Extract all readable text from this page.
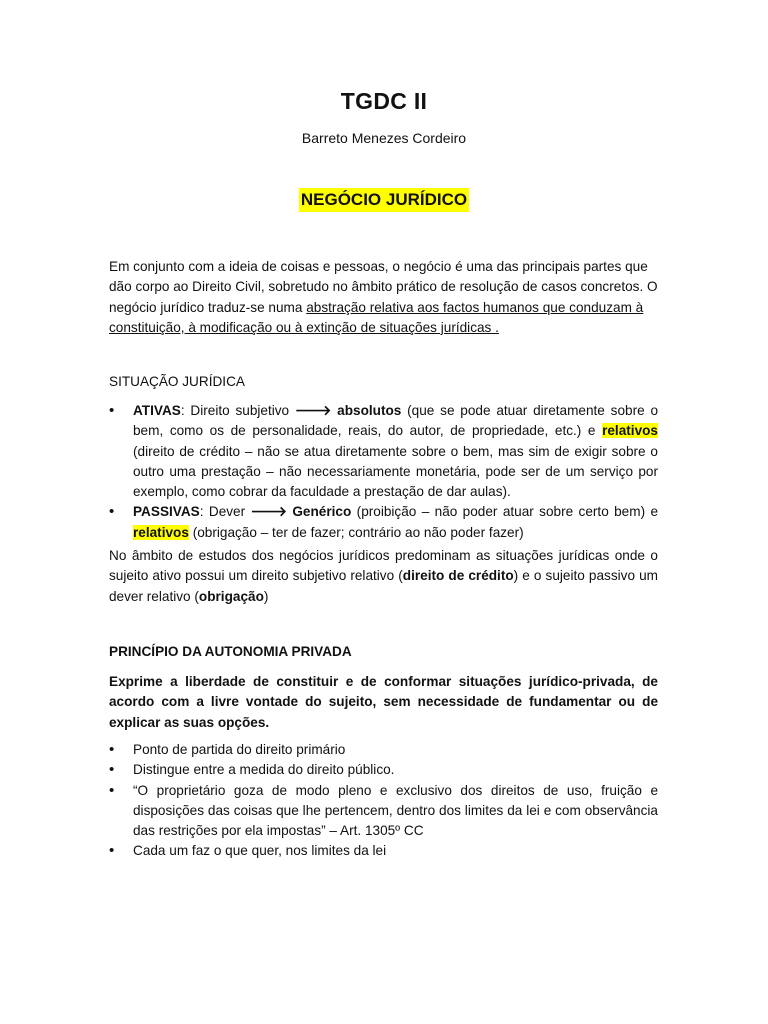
TGDC II
Barreto Menezes Cordeiro
NEGÓCIO JURÍDICO
Em conjunto com a ideia de coisas e pessoas, o negócio é uma das principais partes que dão corpo ao Direito Civil, sobretudo no âmbito prático de resolução de casos concretos. O negócio jurídico traduz-se numa abstração relativa aos factos humanos que conduzam à constituição, à modificação ou à extinção de situações jurídicas .
SITUAÇÃO JURÍDICA
• ATIVAS: Direito subjetivo 🡒 absolutos (que se pode atuar diretamente sobre o bem, como os de personalidade, reais, do autor, de propriedade, etc.) e relativos (direito de crédito – não se atua diretamente sobre o bem, mas sim de exigir sobre o outro uma prestação – não necessariamente monetária, pode ser de um serviço por exemplo, como cobrar da faculdade a prestação de dar aulas).
• PASSIVAS: Dever 🡒 Genérico (proibição – não poder atuar sobre certo bem) e relativos (obrigação – ter de fazer; contrário ao não poder fazer)
No âmbito de estudos dos negócios jurídicos predominam as situações jurídicas onde o sujeito ativo possui um direito subjetivo relativo (direito de crédito) e o sujeito passivo um dever relativo (obrigação)
PRINCÍPIO DA AUTONOMIA PRIVADA
Exprime a liberdade de constituir e de conformar situações jurídico-privada, de acordo com a livre vontade do sujeito, sem necessidade de fundamentar ou de explicar as suas opções.
• Ponto de partida do direito primário
• Distingue entre a medida do direito público.
• “O proprietário goza de modo pleno e exclusivo dos direitos de uso, fruição e disposições das coisas que lhe pertencem, dentro dos limites da lei e com observância das restrições por ela impostas” – Art. 1305º CC
• Cada um faz o que quer, nos limites da lei
